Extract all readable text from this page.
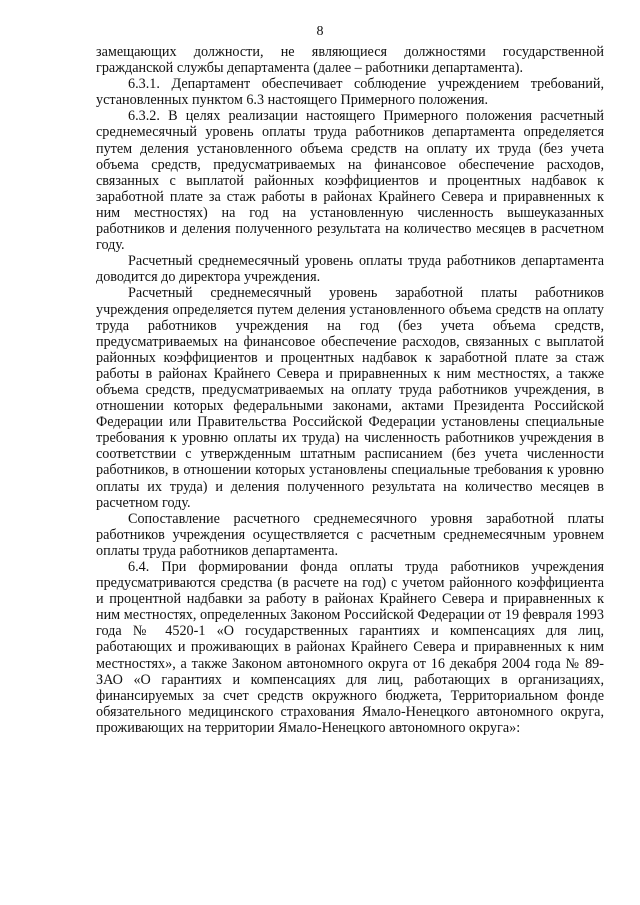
8

замещающих должности, не являющиеся должностями государственной гражданской службы департамента (далее – работники департамента).

6.3.1. Департамент обеспечивает соблюдение учреждением требований, установленных пунктом 6.3 настоящего Примерного положения.

6.3.2. В целях реализации настоящего Примерного положения расчетный среднемесячный уровень оплаты труда работников департамента определяется путем деления установленного объема средств на оплату их труда (без учета объема средств, предусматриваемых на финансовое обеспечение расходов, связанных с выплатой районных коэффициентов и процентных надбавок к заработной плате за стаж работы в районах Крайнего Севера и приравненных к ним местностях) на год на установленную численность вышеуказанных работников и деления полученного результата на количество месяцев в расчетном году.

Расчетный среднемесячный уровень оплаты труда работников департамента доводится до директора учреждения.

Расчетный среднемесячный уровень заработной платы работников учреждения определяется путем деления установленного объема средств на оплату труда работников учреждения на год (без учета объема средств, предусматриваемых на финансовое обеспечение расходов, связанных с выплатой районных коэффициентов и процентных надбавок к заработной плате за стаж работы в районах Крайнего Севера и приравненных к ним местностях, а также объема средств, предусматриваемых на оплату труда работников учреждения, в отношении которых федеральными законами, актами Президента Российской Федерации или Правительства Российской Федерации установлены специальные требования к уровню оплаты их труда) на численность работников учреждения в соответствии с утвержденным штатным расписанием (без учета численности работников, в отношении которых установлены специальные требования к уровню оплаты их труда) и деления полученного результата на количество месяцев в расчетном году.

Сопоставление расчетного среднемесячного уровня заработной платы работников учреждения осуществляется с расчетным среднемесячным уровнем оплаты труда работников департамента.

6.4. При формировании фонда оплаты труда работников учреждения предусматриваются средства (в расчете на год) с учетом районного коэффициента и процентной надбавки за работу в районах Крайнего Севера и приравненных к ним местностях, определенных Законом Российской Федерации от 19 февраля 1993 года № 4520-1 «О государственных гарантиях и компенсациях для лиц, работающих и проживающих в районах Крайнего Севера и приравненных к ним местностях», а также Законом автономного округа от 16 декабря 2004 года № 89-ЗАО «О гарантиях и компенсациях для лиц, работающих в организациях, финансируемых за счет средств окружного бюджета, Территориальном фонде обязательного медицинского страхования Ямало-Ненецкого автономного округа, проживающих на территории Ямало-Ненецкого автономного округа»:
